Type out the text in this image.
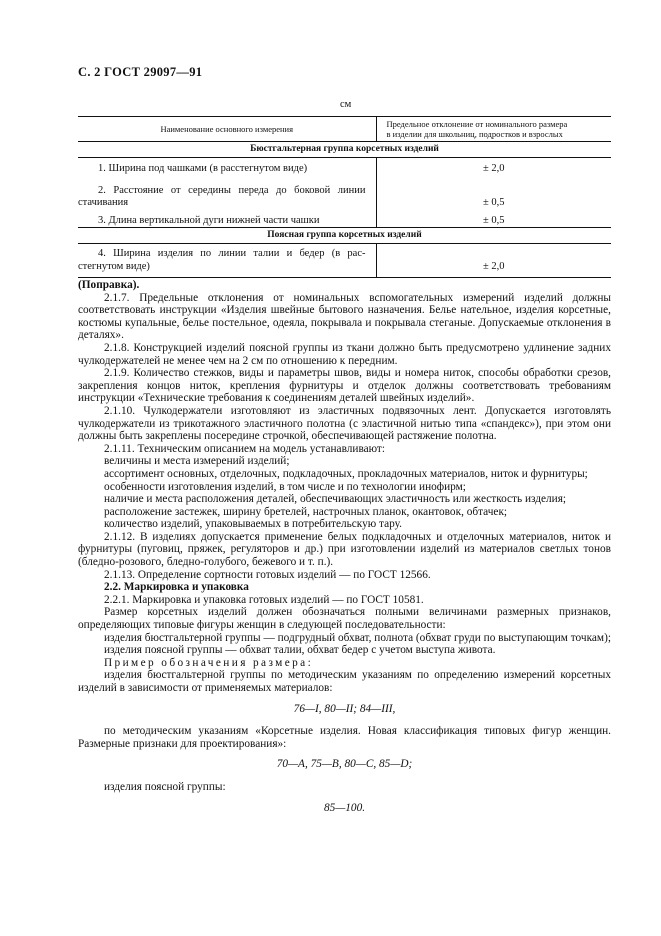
С. 2 ГОСТ 29097—91
см
Наименование основного измерения	Предельное отклонение от номинального размера
в изделии для школьниц, подростков и взрослых

Бюстгальтерная группа корсетных изделий	
1. Ширина под чашками (в расстегнутом виде)	± 2,0

2. Расстояние от середины переда до боковой линии
стачивания	± 0,5
3. Длина вертикальной дуги нижней части чашки	± 0,5
Поясная группа корсетных изделий	

4. Ширина изделия по линии талии и бедер (в рас-
стегнутом виде)	± 2,0

(Поправка).

2.1.7. Предельные отклонения от номинальных вспомогательных измерений изделий должны соответствовать инструкции «Изделия швейные бытового назначения. Белье нательное, изделия корсетные, костюмы купальные, белье постельное, одеяла, покрывала и покрывала стеганые. Допускаемые отклонения в деталях».

2.1.8. Конструкцией изделий поясной группы из ткани должно быть предусмотрено удлинение задних чулкодержателей не менее чем на 2 см по отношению к передним.

2.1.9. Количество стежков, виды и параметры швов, виды и номера ниток, способы обработки срезов, закрепления концов ниток, крепления фурнитуры и отделок должны соответствовать требованиям инструкции «Технические требования к соединениям деталей швейных изделий».

2.1.10. Чулкодержатели изготовляют из эластичных подвязочных лент. Допускается изготовлять чулкодержатели из трикотажного эластичного полотна (с эластичной нитью типа «спандекс»), при этом они должны быть закреплены посередине строчкой, обеспечивающей растяжение полотна.

2.1.11. Техническим описанием на модель устанавливают:

величины и места измерений изделий;

ассортимент основных, отделочных, подкладочных, прокладочных материалов, ниток и фурнитуры;

особенности изготовления изделий, в том числе и по технологии инофирм;

наличие и места расположения деталей, обеспечивающих эластичность или жесткость изделия;

расположение застежек, ширину бретелей, настрочных планок, окантовок, обтачек;

количество изделий, упаковываемых в потребительскую тару.

2.1.12. В изделиях допускается применение белых подкладочных и отделочных материалов, ниток и фурнитуры (пуговиц, пряжек, регуляторов и др.) при изготовлении изделий из материалов светлых тонов (бледно-розового, бледно-голубого, бежевого и т. п.).

2.1.13. Определение сортности готовых изделий — по ГОСТ 12566.

2.2. Маркировка и упаковка

2.2.1. Маркировка и упаковка готовых изделий — по ГОСТ 10581.

Размер корсетных изделий должен обозначаться полными величинами размерных признаков, определяющих типовые фигуры женщин в следующей последовательности:

изделия бюстгальтерной группы — подгрудный обхват, полнота (обхват груди по выступающим точкам);

изделия поясной группы — обхват талии, обхват бедер с учетом выступа живота.

Пример обозначения размера:

изделия бюстгальтерной группы по методическим указаниям по определению измерений корсетных изделий в зависимости от применяемых материалов:

76—I, 80—II; 84—III,

по методическим указаниям «Корсетные изделия. Новая классификация типовых фигур женщин. Размерные признаки для проектирования»:

70—A, 75—B, 80—C, 85—D;

изделия поясной группы:

85—100.
